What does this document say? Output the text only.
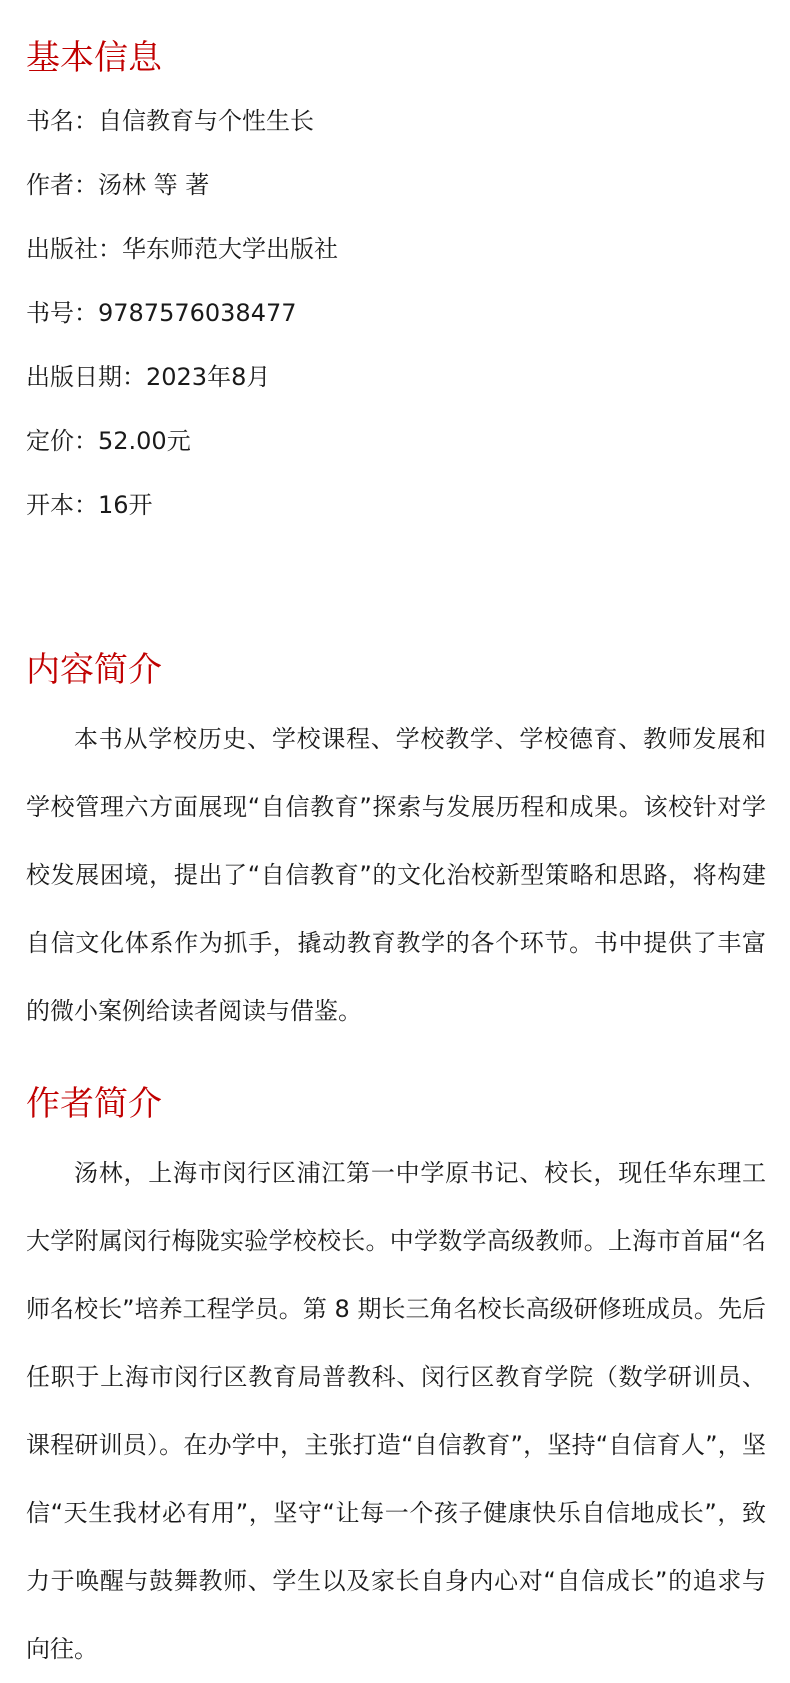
基本信息
书名：自信教育与个性生长
作者：汤林 等 著
出版社：华东师范大学出版社
书号：9787576038477
出版日期：2023年8月
定价：52.00元
开本：16开
内容简介

本书从学校历史、学校课程、学校教学、学校德育、教师发展和学校管理六方面展现“自信教育”探索与发展历程和成果。该校针对学校发展困境，提出了“自信教育”的文化治校新型策略和思路，将构建自信文化体系作为抓手，撬动教育教学的各个环节。书中提供了丰富的微小案例给读者阅读与借鉴。

作者简介

汤林，上海市闵行区浦江第一中学原书记、校长，现任华东理工大学附属闵行梅陇实验学校校长。中学数学高级教师。上海市首届“名师名校长”培养工程学员。第 8 期长三角名校长高级研修班成员。先后任职于上海市闵行区教育局普教科、闵行区教育学院（数学研训员、课程研训员）。在办学中，主张打造“自信教育”，坚持“自信育人”，坚信“天生我材必有用”，坚守“让每一个孩子健康快乐自信地成长”，致力于唤醒与鼓舞教师、学生以及家长自身内心对“自信成长”的追求与向往。
